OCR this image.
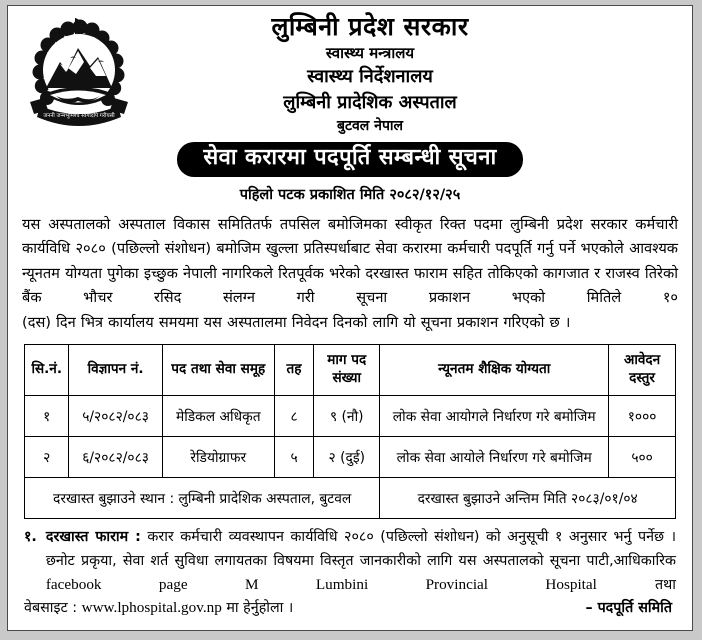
जननी जन्मभूमिश्च स्वर्गादपि गरीयसी
लुम्बिनी प्रदेश सरकार
स्वास्थ्य मन्त्रालय
स्वास्थ्य निर्देशनालय
लुम्बिनी प्रादेशिक अस्पताल
बुटवल नेपाल
सेवा करारमा पदपूर्ति सम्बन्धी सूचना
पहिलो पटक प्रकाशित मिति २०८२/१२/२५
यस अस्पतालको अस्पताल विकास समितितर्फ तपसिल बमोजिमका स्वीकृत रिक्त पदमा लुम्बिनी प्रदेश सरकार कर्मचारी कार्यविधि २०८० (पछिल्लो संशोधन) बमोजिम खुल्ला प्रतिस्पर्धाबाट सेवा करारमा कर्मचारी पदपूर्ति गर्नु पर्ने भएकोले आवश्यक न्यूनतम योग्यता पुगेका इच्छुक नेपाली नागरिकले रितपूर्वक भरेको दरखास्त फाराम सहित तोकिएको कागजात र राजस्व तिरेको बैंक भौचर रसिद संलग्न गरी सूचना प्रकाशन भएको मितिले १०
(दस) दिन भित्र कार्यालय समयमा यस अस्पतालमा निवेदन दिनको लागि यो सूचना प्रकाशन गरिएको छ ।
सि.नं.	विज्ञापन नं.	पद तथा सेवा समूह	तह	माग पद संख्या	न्यूनतम शैक्षिक योग्यता	आवेदन दस्तुर
१	५/२०८२/०८३	मेडिकल अधिकृत	८	९ (नौ)	लोक सेवा आयोगले निर्धारण गरे बमोजिम	१०००
२	६/२०८२/०८३	रेडियोग्राफर	५	२ (दुई)	लोक सेवा आयोले निर्धारण गरे बमोजिम	५००
दरखास्त बुझाउने स्थान : लुम्बिनी प्रादेशिक अस्पताल, बुटवल					दरखास्त बुझाउने अन्तिम मिति २०८३/०१/०४	
१. दरखास्त फाराम : करार कर्मचारी व्यवस्थापन कार्यविधि २०८० (पछिल्लो संशोधन) को अनुसूची १ अनुसार भर्नु पर्नेछ । छनोट प्रकृया, सेवा शर्त सुविधा लगायतका विषयमा विस्तृत जानकारीको लागि यस अस्पतालको सूचना पाटी,आधिकारिक facebook page M Lumbini Provincial Hospital तथा
वेबसाइट : www.lphospital.gov.np मा हेर्नुहोला ।	– पदपूर्ति समिति
